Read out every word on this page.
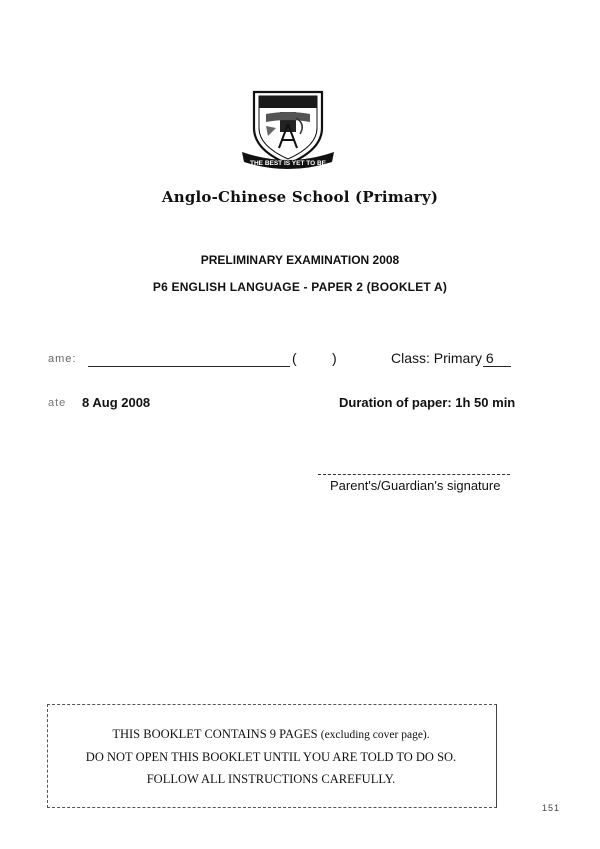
THE BEST IS YET TO BE
Anglo-Chinese School (Primary)
PRELIMINARY EXAMINATION 2008
P6 ENGLISH LANGUAGE - PAPER 2 (BOOKLET A)
ame:	(	)	Class: Primary 6
ate 8 Aug 2008	Duration of paper: 1h 50 min
Parent's/Guardian's signature
THIS BOOKLET CONTAINS 9 PAGES (excluding cover page).
DO NOT OPEN THIS BOOKLET UNTIL YOU ARE TOLD TO DO SO.
FOLLOW ALL INSTRUCTIONS CAREFULLY.
151
